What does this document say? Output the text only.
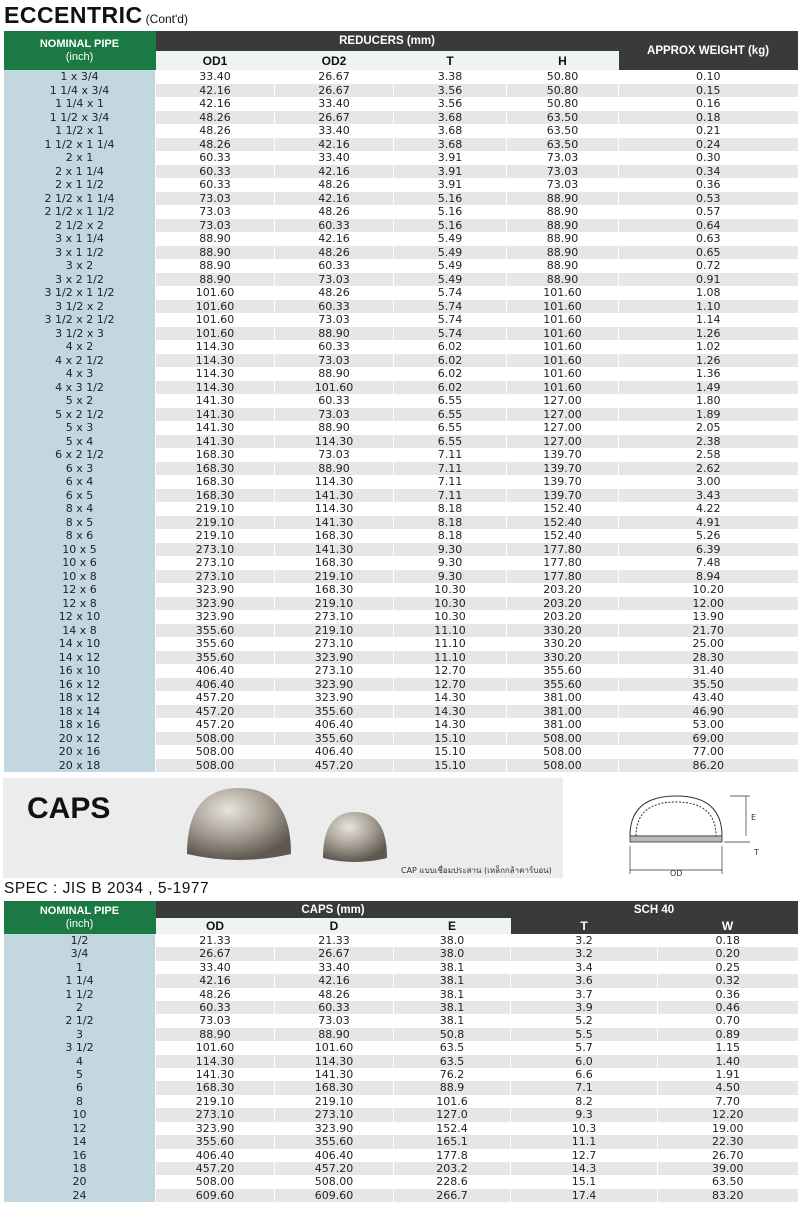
ECCENTRIC (Cont'd)
NOMINAL PIPE
(inch)	REDUCERS (mm)				APPROX WEIGHT (kg)
	OD1	OD2	T	H	
1 x 3/4	33.40	26.67	3.38	50.80	0.10
1 1/4 x 3/4	42.16	26.67	3.56	50.80	0.15
1 1/4 x 1	42.16	33.40	3.56	50.80	0.16
1 1/2 x 3/4	48.26	26.67	3.68	63.50	0.18
1 1/2 x 1	48.26	33.40	3.68	63.50	0.21
1 1/2 x 1 1/4	48.26	42.16	3.68	63.50	0.24
2 x 1	60.33	33.40	3.91	73.03	0.30
2 x 1 1/4	60.33	42.16	3.91	73.03	0.34
2 x 1 1/2	60.33	48.26	3.91	73.03	0.36
2 1/2 x 1 1/4	73.03	42.16	5.16	88.90	0.53
2 1/2 x 1 1/2	73.03	48.26	5.16	88.90	0.57
2 1/2 x 2	73.03	60.33	5.16	88.90	0.64
3 x 1 1/4	88.90	42.16	5.49	88.90	0.63
3 x 1 1/2	88.90	48.26	5.49	88.90	0.65
3 x 2	88.90	60.33	5.49	88.90	0.72
3 x 2 1/2	88.90	73.03	5.49	88.90	0.91
3 1/2 x 1 1/2	101.60	48.26	5.74	101.60	1.08
3 1/2 x 2	101.60	60.33	5.74	101.60	1.10
3 1/2 x 2 1/2	101.60	73.03	5.74	101.60	1.14
3 1/2 x 3	101.60	88.90	5.74	101.60	1.26
4 x 2	114.30	60.33	6.02	101.60	1.02
4 x 2 1/2	114.30	73.03	6.02	101.60	1.26
4 x 3	114.30	88.90	6.02	101.60	1.36
4 x 3 1/2	114.30	101.60	6.02	101.60	1.49
5 x 2	141.30	60.33	6.55	127.00	1.80
5 x 2 1/2	141.30	73.03	6.55	127.00	1.89
5 x 3	141.30	88.90	6.55	127.00	2.05
5 x 4	141.30	114.30	6.55	127.00	2.38
6 x 2 1/2	168.30	73.03	7.11	139.70	2.58
6 x 3	168.30	88.90	7.11	139.70	2.62
6 x 4	168.30	114.30	7.11	139.70	3.00
6 x 5	168.30	141.30	7.11	139.70	3.43
8 x 4	219.10	114.30	8.18	152.40	4.22
8 x 5	219.10	141.30	8.18	152.40	4.91
8 x 6	219.10	168.30	8.18	152.40	5.26
10 x 5	273.10	141.30	9.30	177.80	6.39
10 x 6	273.10	168.30	9.30	177.80	7.48
10 x 8	273.10	219.10	9.30	177.80	8.94
12 x 6	323.90	168.30	10.30	203.20	10.20
12 x 8	323.90	219.10	10.30	203.20	12.00
12 x 10	323.90	273.10	10.30	203.20	13.90
14 x 8	355.60	219.10	11.10	330.20	21.70
14 x 10	355.60	273.10	11.10	330.20	25.00
14 x 12	355.60	323.90	11.10	330.20	28.30
16 x 10	406.40	273.10	12.70	355.60	31.40
16 x 12	406.40	323.90	12.70	355.60	35.50
18 x 12	457.20	323.90	14.30	381.00	43.40
18 x 14	457.20	355.60	14.30	381.00	46.90
18 x 16	457.20	406.40	14.30	381.00	53.00
20 x 12	508.00	355.60	15.10	508.00	69.00
20 x 16	508.00	406.40	15.10	508.00	77.00
20 x 18	508.00	457.20	15.10	508.00	86.20
CAPS
CAP แบบเชื่อมประสาน (เหล็กกล้าคาร์บอน)
E
T
OD
SPEC : JIS B 2034 , 5-1977
NOMINAL PIPE
(inch)	CAPS (mm)			SCH 40	
	OD	D	E	T	W
1/2	21.33	21.33	38.0	3.2	0.18
3/4	26.67	26.67	38.0	3.2	0.20
1	33.40	33.40	38.1	3.4	0.25
1 1/4	42.16	42.16	38.1	3.6	0.32
1 1/2	48.26	48.26	38.1	3.7	0.36
2	60.33	60.33	38.1	3.9	0.46
2 1/2	73.03	73.03	38.1	5.2	0.70
3	88.90	88.90	50.8	5.5	0.89
3 1/2	101.60	101.60	63.5	5.7	1.15
4	114.30	114.30	63.5	6.0	1.40
5	141.30	141.30	76.2	6.6	1.91
6	168.30	168.30	88.9	7.1	4.50
8	219.10	219.10	101.6	8.2	7.70
10	273.10	273.10	127.0	9.3	12.20
12	323.90	323.90	152.4	10.3	19.00
14	355.60	355.60	165.1	11.1	22.30
16	406.40	406.40	177.8	12.7	26.70
18	457.20	457.20	203.2	14.3	39.00
20	508.00	508.00	228.6	15.1	63.50
24	609.60	609.60	266.7	17.4	83.20
